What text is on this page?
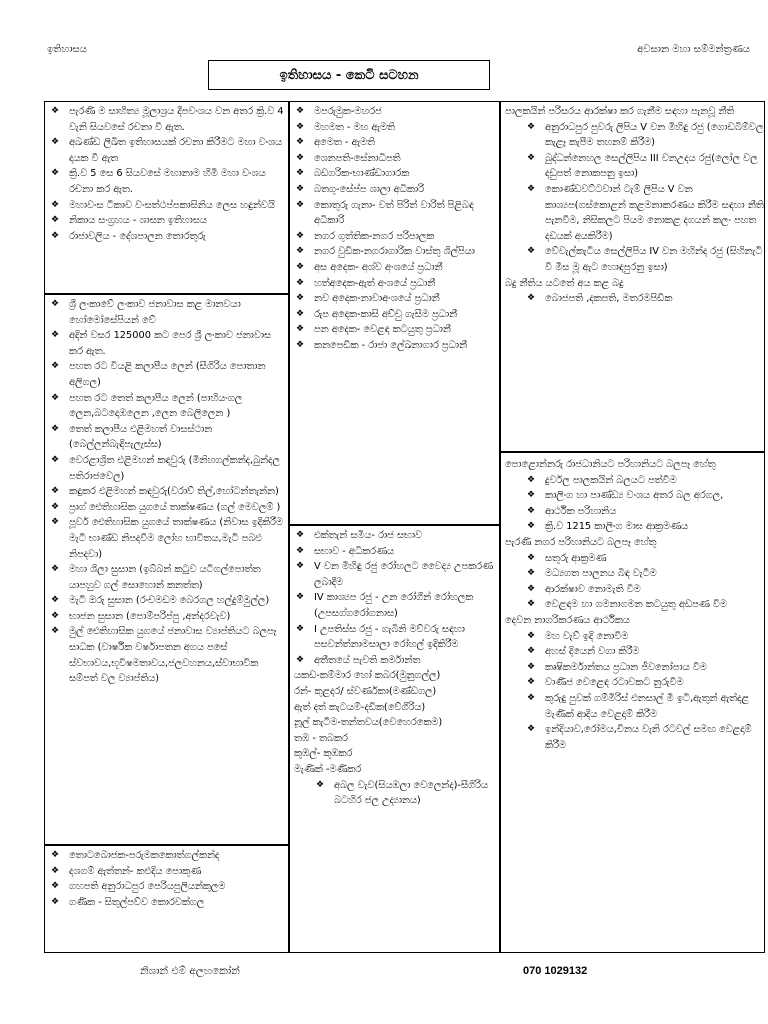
ඉතිහාසය	අවසාන මහා සම්මන්ත්‍රණය
ඉතිහාසය - කෙටි සටහන
❖ පැරණි ම සාහිත්‍ය මූලාශ්‍රය දීපවංශය වන අතර ක්‍රි.ව 4 වැනි සියවසේ රචනා වී ඇත.
❖ අඛණ්ඩ ලිඛිත ඉතිහාසයක් රචනා කිරීමට මහා වංශය දායක වී ඇත
❖ ක්‍රි.ව 5 සෙ 6 සියවසේ මහානාම හිමි මහා වංශය රචනා කර ඇත.
❖ මහාවංස ටීකාව වංසත්ථප්පකාසිනිය ලෙස හඳුන්වයි
❖ නිකාය සංග්‍රහය - ශාසන ඉතිහාසය
❖ රාජාවලිය - දේශපාලන තොරතුරු
❖ ශ්‍රී ලංකාවේ ලංකාව ජනාවාස කළ මානවයා හෝමෝසේපියන් වේ
❖ අදින් වසර 125000 කට පෙර ශ්‍රී ලංකාව ජනාවාස කර ඇත.
❖ පහත රට වියළි කලාපීය ලෙන් (සීගිරිය පොතාන අලිගල)
❖ පහත රට තෙත් කලාපීය ලෙන් (පාහියංගල ලෙන,බටදොඹලෙන ,ලෙන බෙලිලෙන )
❖ තෙත් කලාපීය එළිමහත් වාසස්ථාන (බෙල්ලන්බැඳිපැලැස්ස)
❖ වෙරළාශ්‍රිත එළිමහන් කඳවුරු (මිනිහගල්කන්ද,බුන්දල පතිරාජවෙල)
❖ කඳුකර එළිමහන් කඳවුරු(වරාව් තිල්,හෝටන්තැන්න)
❖ ප්‍රාග් ඓතිහාසික යුගයේ තාක්ෂණය (ගල් මෙවලම් )
❖ පූර්ව ඓතිහාසික යුගයේ තාක්ෂණය (නිවාස ඉදිකිරීම මැටි භාණ්ඩ නිපදවීම ලෝහ භාවිතය,මැටි පබළු නිපදවා)
❖ මහා ශිලා සුසාන (ඉබ්බන් කටුව යටිගල්පොත්ත යාපහුව ගල් සොහොන් කනත්ත)
❖ මැටි ඔරු සුසාන (රංචමඩම බෙරගල හල්දුම්මුල්ල)
❖ භාජන සුසාන (පොම්පරිප්පු ,අන්දරවැව)
❖ මුල් ඓතිහාසික යුගයේ ජනාවාස ව්‍යාප්තියට බලපෑ සාධක (වාර්ෂික වර්ෂාපතන අගය පසේ ස්වභාවය,භූවිෂමතාවය,ජලවහනය,ස්වාභාවික සම්පත් වල ව්‍යාප්තිය)
❖ තොටබොජක-පරුමකකොත්ගල්කන්ද
❖ දශගම් ඇත්තන්- කළුදිය පොකුණ
❖ ගහපති අනුරාධපුර පෙරියපුලියන්කුලම
❖ ගණික - සිතුල්පව්ව කොරවක්ගල
❖ මපරුමුක-මහරජ
❖ මහමත - මහ ඇමති
❖ අමෙත - ඇමති
❖ ශෙනපති-සේනාධිපති
❖ බඩගරික-භාණ්ඩාගාරක
❖ බතගු-සේප්ප ශාලා අධිකාරි
❖ කොතුරු ගැනා- වත් පිරිත් වාරිත් පිළිබඳ අධිකාරි
❖ නගර ගුත්තික-නගර පරිපාලක
❖ නගර වුඩික-නගරාගාරික වාස්තු ශිල්පියා
❖ අස අදෙක- අශ්ව අංශයේ ප්‍රධානී
❖ හත්අදෙක-ඇත් අංශයේ ප්‍රධානී
❖ නව අදෙක-නාවාඅංශයේ ප්‍රධානී
❖ රුප අදෙක-කාසි අච්චු ගැසීම ප්‍රධානී
❖ පන අදෙක- වෙළඳ කටයුතු ප්‍රධානී
❖ කනපෙඩික - රාජා ලේඛනාගාර ප්‍රධානී
❖ එක්තැන් සමිය- රාජ සභාව
❖ සභාව - අධිකරණය
❖ V වන මිහිඳු රජු රෝහලට වෛද්‍ය උපකරණ ලබාදීම
❖ IV කාශ්‍යප රජු - උන රෝගීන් රෝහලක (උපසග්ගරෝගනාස)
❖ I උපතිස්ස රජු - ගැබිනි මව්වරු සඳහා පසවන්ත්නාමසාලා රෝහල් ඉදිකිරීම
❖ අතීතයේ පැවති කර්මාන්ත
යකඩ-කම්මාර හෝ කබර(මුනුගල්ල)
රන්- කුළදර/ ස්වර්ණකා(මණ්ඩගල)
ඇත් දත් කැටයම්-දඩික(වේගිරිය)
නූල් කැටීම-තන්තවය(වෙහෙරකෙම)
තඹ - තබකර
කුඹල්- කුඹකර
මැණික් -මණිකර
❖ අබල වැව(සියඹලා වෙලෙන්ද)-සීගිරිය බටහිර ජල උද්‍යානය)
පාලකයින් පරිසරය ආරක්ෂා කර ගැනීම සඳහා පැනවූ නීති
❖ අනුරාධපුර පුවරු ලිපිය V වන මිහිඳු රජු (ගොඩබිම්වල කැළෑ කැපීම තහනම් කිරීම)
❖ බුද්ධන්නෙහල සෙල්ලිපිය III වනඋදය රජු(ලෝල වල දඩුපත් නොකපනු ඉසා)
❖ කොණ්ඩවට්ටවාන් ටැම් ලිපිය V වන කාශ්‍යප(ගස්කොළන් කළමනාකරණය කිරීම සඳහා නීති පැනවීම, නිසිකලට පියම නොකළ දගයන් කලං පහත දඩයක් අයකිරීම)
❖ වේවැල්කැටිය සෙල්ලිපිය IV වන මහින්ද රජු (සිහිනැටි වී මීස මූ ඇට හොඳපුරනු ඉසා)
බදු නීතිය යටතේ අය කළ බදු
❖ බොජපති ,දකපති, මතරමපිඩික
පොළොන්නරු රාජධානියට පරිහානියට බලපෑ හේතු
❖ දුර්වල පාලකයින් බලයට පත්වීම
❖ කාලිංග හා පාණ්ඩ්‍ය වංශය අතර බල අරගල,
❖ ආර්ථික පරිහානිය
❖ ක්‍රි.ව 1215 කාලිංග මාඝ ආක්‍රමණය
පැරණි නගර පරිහානියට බලපෑ හේතු
❖ සතුරු ආක්‍රමණ
❖ මධ්‍යගත පාලනය බිඳ වැටීම
❖ ආරක්ෂාව නොමැති වීම
❖ වෙළඳාම හා ගමනාගමන කටයුතු අඩපණ වීම
දෙවන නාගරිකරණය ආර්ථිකය
❖ මහ වැව් ඉදි නොවීම
❖ අහස් දියෙන් වගා කිරීම
❖ කෘෂිකර්මාන්තය ප්‍රධාන ජීවනෝපාය වීම
❖ වාණිජ වෙළෙඳ රටාවකට නුරුවීම
❖ කුරුඳු පුවක් ගම්මිරිස් එනසාල් මී ඉටි,ඇතුන් ඇත්දළ මැණික් ආදිය වෙළදාම් කිරීම
❖ ඉන්දියාව,රෝමය,චීනය වැනි රටවල් සමඟ වෙළදාම් කිරීම
නිශාන් එම් අලහකෝන්	070 1029132
